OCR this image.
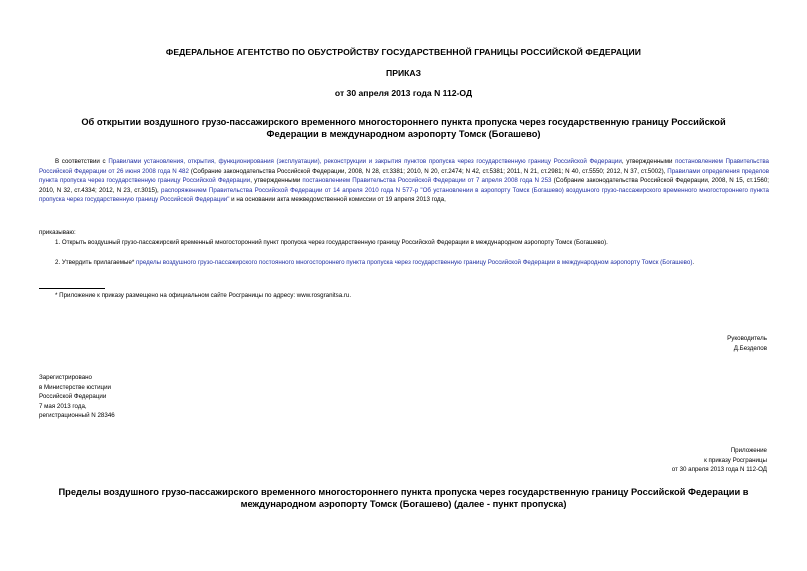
ФЕДЕРАЛЬНОЕ АГЕНТСТВО ПО ОБУСТРОЙСТВУ ГОСУДАРСТВЕННОЙ ГРАНИЦЫ РОССИЙСКОЙ ФЕДЕРАЦИИ
ПРИКАЗ
от 30 апреля 2013 года N 112-ОД
Об открытии воздушного грузо-пассажирского временного многостороннего пункта пропуска через государственную границу Российской Федерации в международном аэропорту Томск (Богашево)
В соответствии с Правилами установления, открытия, функционирования (эксплуатации), реконструкции и закрытия пунктов пропуска через государственную границу Российской Федерации, утвержденными постановлением Правительства Российской Федерации от 26 июня 2008 года N 482 (Собрание законодательства Российской Федерации, 2008, N 28, ст.3381; 2010, N 20, ст.2474; N 42, ст.5381; 2011, N 21, ст.2981; N 40, ст.5550; 2012, N 37, ст.5002), Правилами определения пределов пункта пропуска через государственную границу Российской Федерации, утвержденными постановлением Правительства Российской Федерации от 7 апреля 2008 года N 253 (Собрание законодательства Российской Федерации, 2008, N 15, ст.1560; 2010, N 32, ст.4334; 2012, N 23, ст.3015), распоряжением Правительства Российской Федерации от 14 апреля 2010 года N 577-р "Об установлении в аэропорту Томск (Богашево) воздушного грузо-пассажирского временного многостороннего пункта пропуска через государственную границу Российской Федерации" и на основании акта межведомственной комиссии от 19 апреля 2013 года,
приказываю:
1. Открыть воздушный грузо-пассажирский временный многосторонний пункт пропуска через государственную границу Российской Федерации в международном аэропорту Томск (Богашево).
2. Утвердить прилагаемые* пределы воздушного грузо-пассажирского постоянного многостороннего пункта пропуска через государственную границу Российской Федерации в международном аэропорту Томск (Богашево).
* Приложение к приказу размещено на официальном сайте Росграницы по адресу: www.rosgranitsa.ru.
Руководитель
Д.Безделов
Зарегистрировано
в Министерстве юстиции
Российской Федерации
7 мая 2013 года,
регистрационный N 28346
Приложение
к приказу Росграницы
от 30 апреля 2013 года N 112-ОД
Пределы воздушного грузо-пассажирского временного многостороннего пункта пропуска через государственную границу Российской Федерации в международном аэропорту Томск (Богашево) (далее - пункт пропуска)
